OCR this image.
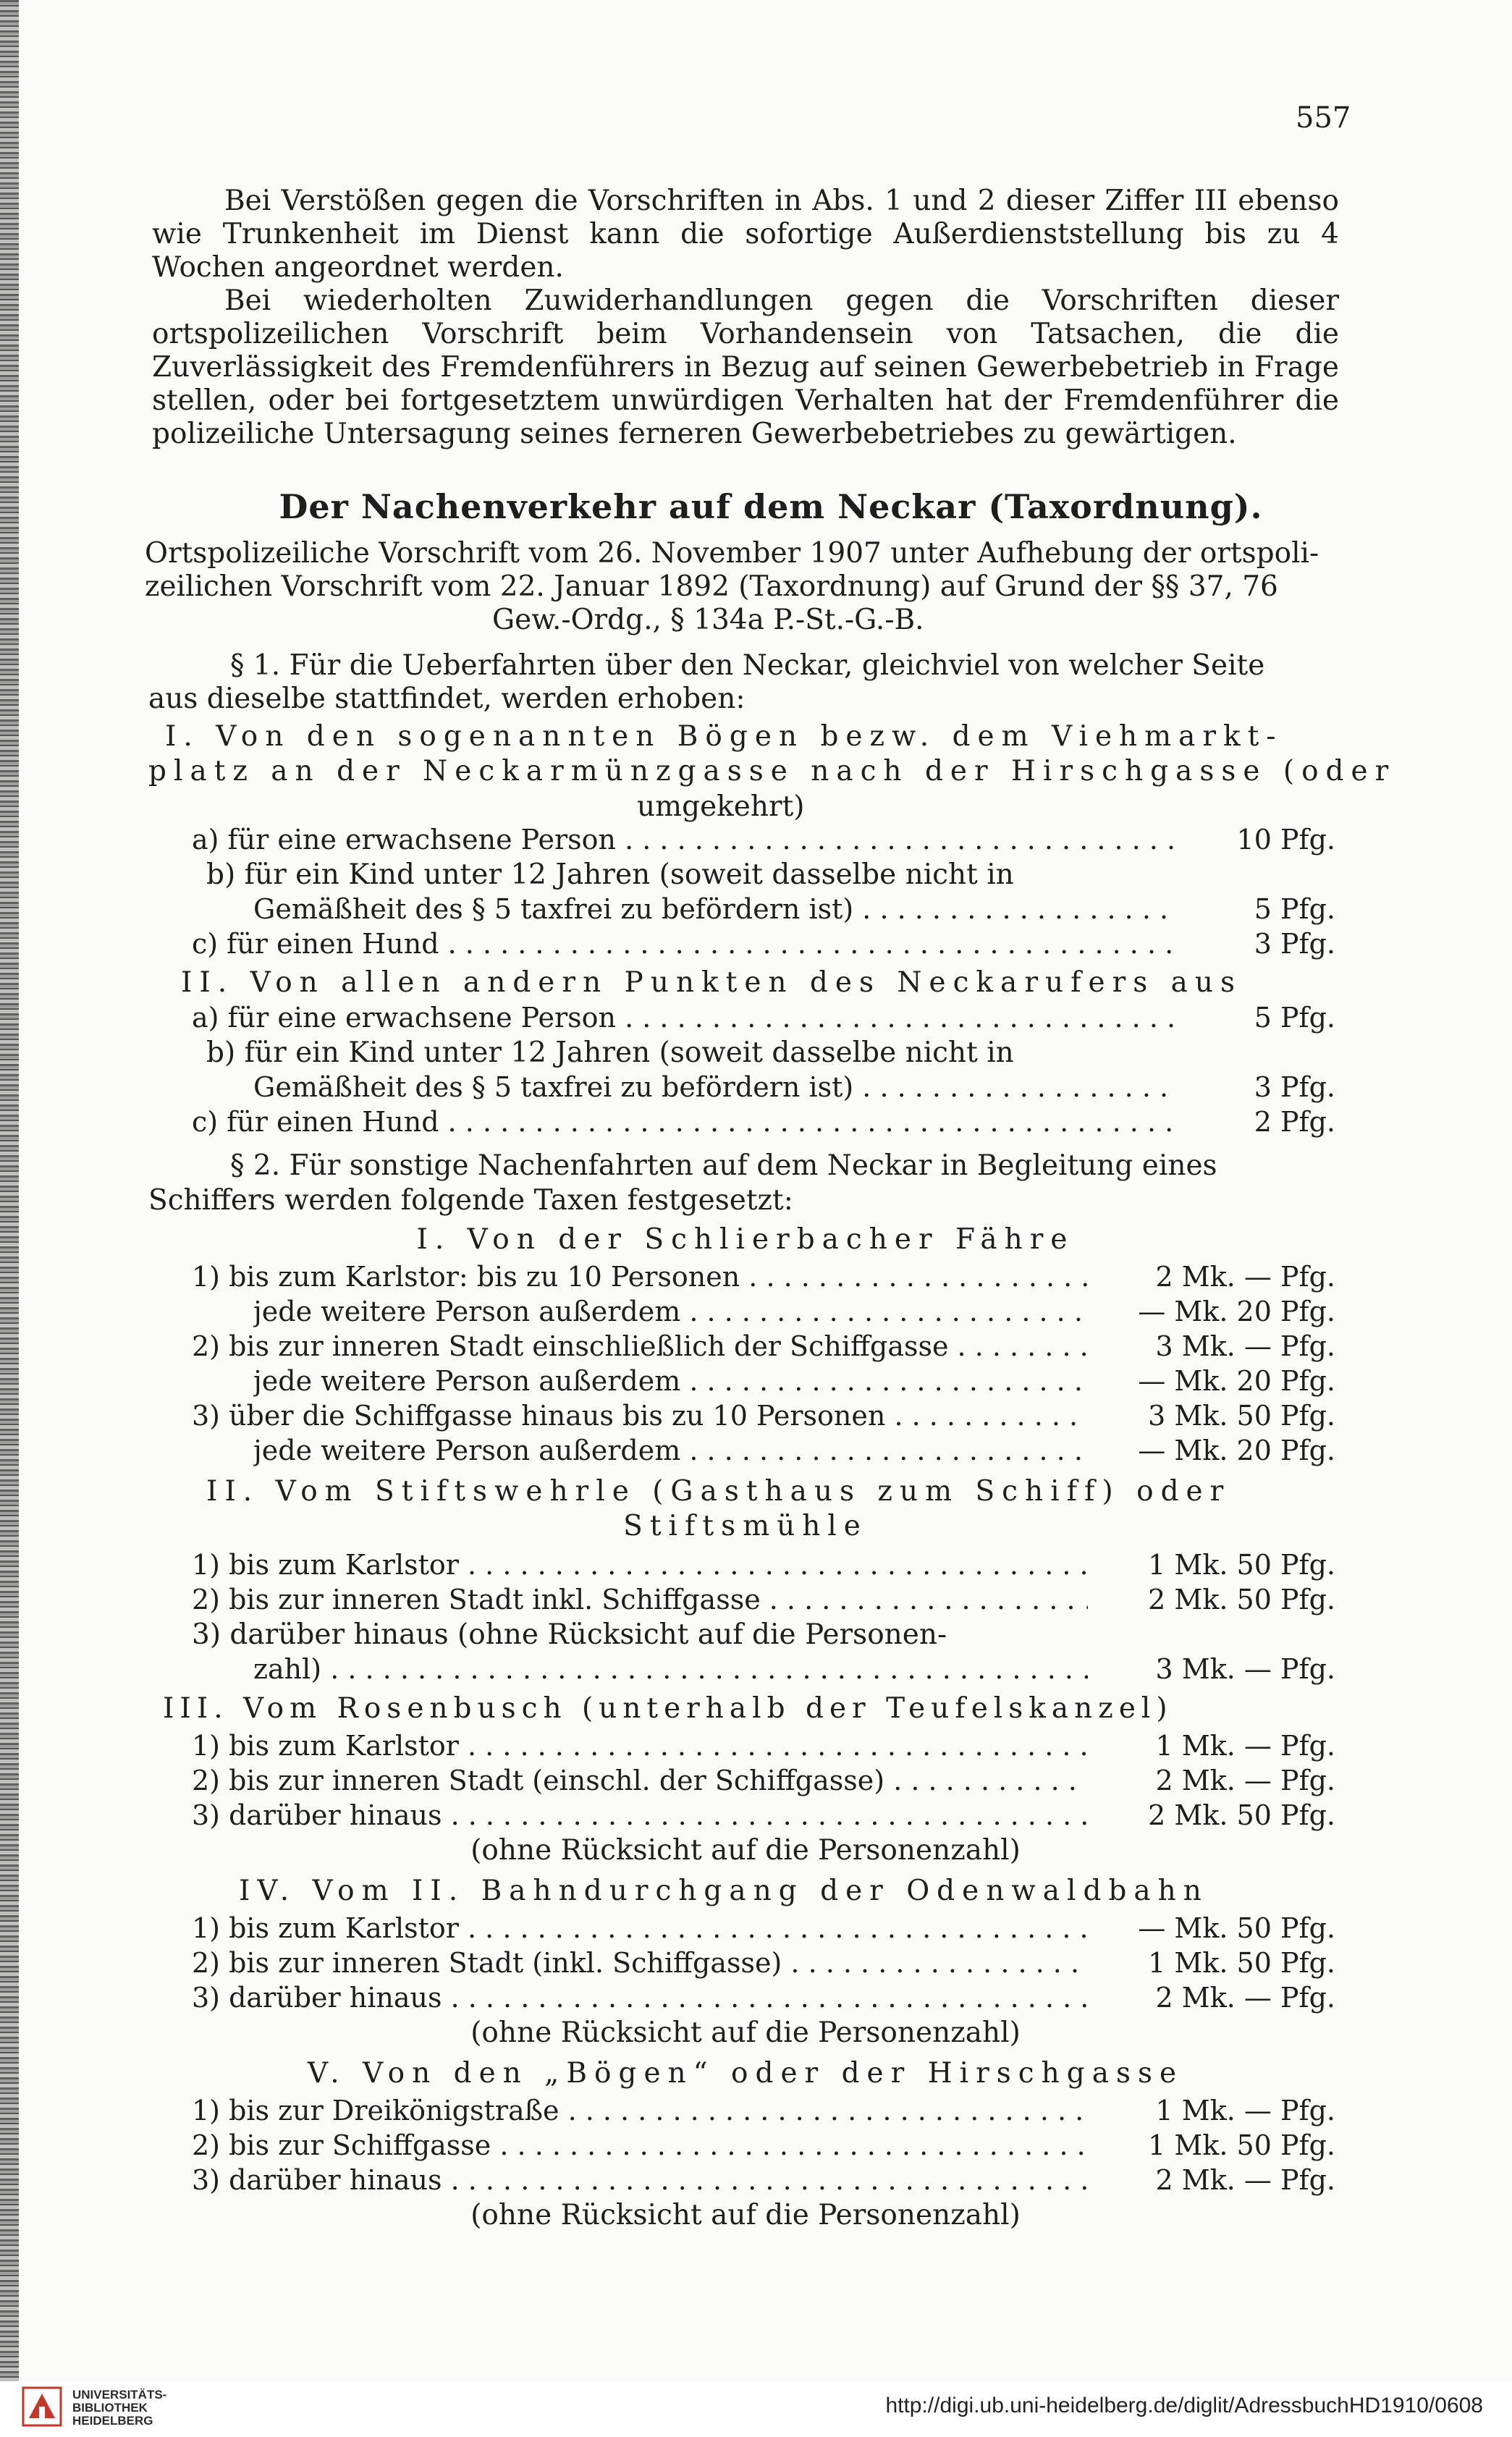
557
Bei Verstößen gegen die Vorschriften in Abs. 1 und 2 dieser Ziffer III ebenso wie Trunkenheit im Dienst kann die sofortige Außerdienststellung bis zu 4 Wochen angeordnet werden.
Bei wiederholten Zuwiderhandlungen gegen die Vorschriften dieser ortspolizeilichen Vorschrift beim Vorhandensein von Tatsachen, die die Zuverlässigkeit des Fremdenführers in Bezug auf seinen Gewerbebetrieb in Frage stellen, oder bei fortgesetztem unwürdigen Verhalten hat der Fremdenführer die polizeiliche Untersagung seines ferneren Gewerbebetriebes zu gewärtigen.
Der Nachenverkehr auf dem Neckar (Taxordnung).
Ortspolizeiliche Vorschrift vom 26. November 1907 unter Aufhebung der ortspoli-
zeilichen Vorschrift vom 22. Januar 1892 (Taxordnung) auf Grund der §§ 37, 76
Gew.-Ordg., § 134a P.-St.-G.-B.
§ 1. Für die Ueberfahrten über den Neckar, gleichviel von welcher Seite
aus dieselbe stattfindet, werden erhoben:
I. Von den sogenannten Bögen bezw. dem Viehmarkt-
platz an der Neckarmünzgasse nach der Hirschgasse (oder
umgekehrt)
a) für eine erwachsene Person . . .	10 Pfg.
b) für ein Kind unter 12 Jahren (soweit dasselbe nicht in
Gemäßheit des § 5 taxfrei zu befördern ist) . . .	5 Pfg.
c) für einen Hund . . .	3 Pfg.
II. Von allen andern Punkten des Neckarufers aus
a) für eine erwachsene Person . . .	5 Pfg.
b) für ein Kind unter 12 Jahren (soweit dasselbe nicht in
Gemäßheit des § 5 taxfrei zu befördern ist) . . .	3 Pfg.
c) für einen Hund . . .	2 Pfg.
§ 2. Für sonstige Nachenfahrten auf dem Neckar in Begleitung eines
Schiffers werden folgende Taxen festgesetzt:
I. Von der Schlierbacher Fähre
1) bis zum Karlstor: bis zu 10 Personen . . .	2 Mk. — Pfg.
jede weitere Person außerdem . . .	— Mk. 20 Pfg.
2) bis zur inneren Stadt einschließlich der Schiffgasse . . .	3 Mk. — Pfg.
jede weitere Person außerdem . . .	— Mk. 20 Pfg.
3) über die Schiffgasse hinaus bis zu 10 Personen . . .	3 Mk. 50 Pfg.
jede weitere Person außerdem . . .	— Mk. 20 Pfg.
II. Vom Stiftswehrle (Gasthaus zum Schiff) oder
Stiftsmühle
1) bis zum Karlstor . . .	1 Mk. 50 Pfg.
2) bis zur inneren Stadt inkl. Schiffgasse . . .	2 Mk. 50 Pfg.
3) darüber hinaus (ohne Rücksicht auf die Personen-
zahl) . . .	3 Mk. — Pfg.
III. Vom Rosenbusch (unterhalb der Teufelskanzel)
1) bis zum Karlstor . . .	1 Mk. — Pfg.
2) bis zur inneren Stadt (einschl. der Schiffgasse) . . .	2 Mk. — Pfg.
3) darüber hinaus . . .	2 Mk. 50 Pfg.
(ohne Rücksicht auf die Personenzahl)
IV. Vom II. Bahndurchgang der Odenwaldbahn
1) bis zum Karlstor . . .	— Mk. 50 Pfg.
2) bis zur inneren Stadt (inkl. Schiffgasse) . . .	1 Mk. 50 Pfg.
3) darüber hinaus . . .	2 Mk. — Pfg.
(ohne Rücksicht auf die Personenzahl)
V. Von den „Bögen“ oder der Hirschgasse
1) bis zur Dreikönigstraße . . .	1 Mk. — Pfg.
2) bis zur Schiffgasse . . .	1 Mk. 50 Pfg.
3) darüber hinaus . . .	2 Mk. — Pfg.
(ohne Rücksicht auf die Personenzahl)
UNIVERSITÄTS-
BIBLIOTHEK
HEIDELBERG
http://digi.ub.uni-heidelberg.de/diglit/AdressbuchHD1910/0608
